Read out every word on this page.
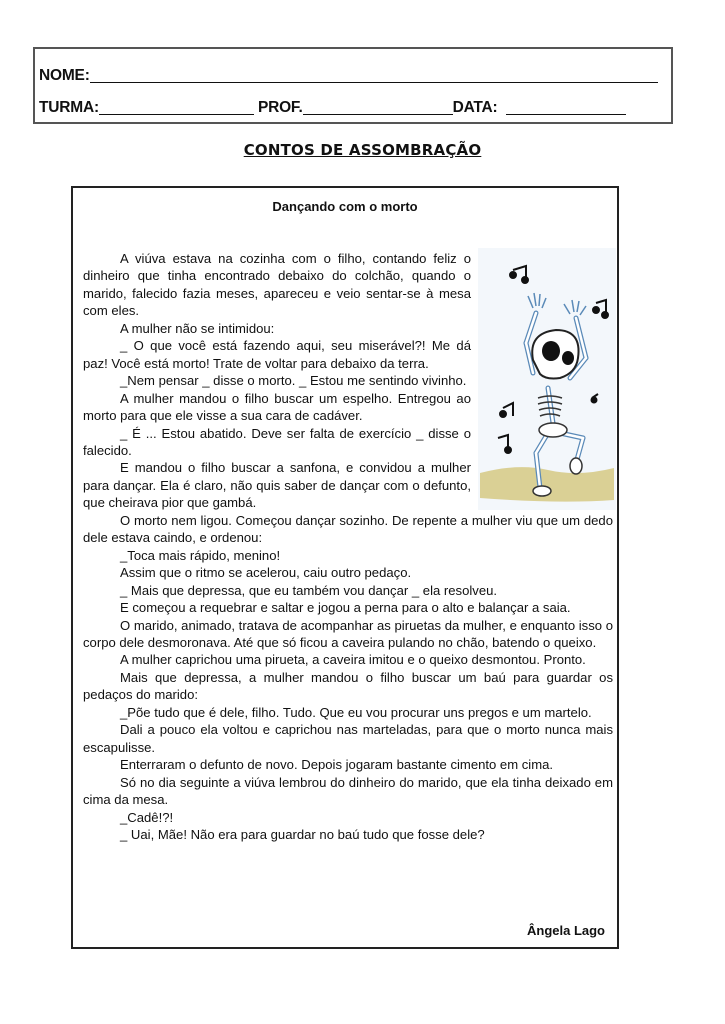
NOME:
TURMA:	PROF.	DATA:
CONTOS DE ASSOMBRAÇÃO
Dançando com o morto

A viúva estava na cozinha com o filho, contando feliz o dinheiro que tinha encontrado debaixo do colchão, quando o marido, falecido fazia meses, apareceu e veio sentar-se à mesa com eles.

A mulher não se intimidou:

_ O que você está fazendo aqui, seu miserável?! Me dá paz! Você está morto! Trate de voltar para debaixo da terra.

_Nem pensar _ disse o morto. _ Estou me sentindo vivinho.

A mulher mandou o filho buscar um espelho. Entregou ao morto para que ele visse a sua cara de cadáver.

_ É ... Estou abatido. Deve ser falta de exercício _ disse o falecido.

E mandou o filho buscar a sanfona, e convidou a mulher para dançar. Ela é claro, não quis saber de dançar com o defunto, que cheirava pior que gambá.

O morto nem ligou. Começou dançar sozinho. De repente a mulher viu que um dedo dele estava caindo, e ordenou:

_Toca mais rápido, menino!

Assim que o ritmo se acelerou, caiu outro pedaço.

_ Mais que depressa, que eu também vou dançar _ ela resolveu.

E começou a requebrar e saltar e jogou a perna para o alto e balançar a saia.

O marido, animado, tratava de acompanhar as piruetas da mulher, e enquanto isso o corpo dele desmoronava. Até que só ficou a caveira pulando no chão, batendo o queixo.

A mulher caprichou uma pirueta, a caveira imitou e o queixo desmontou. Pronto.

Mais que depressa, a mulher mandou o filho buscar um baú para guardar os pedaços do marido:

_Põe tudo que é dele, filho. Tudo. Que eu vou procurar uns pregos e um martelo.

Dali a pouco ela voltou e caprichou nas marteladas, para que o morto nunca mais escapulisse.

Enterraram o defunto de novo. Depois jogaram bastante cimento em cima.

Só no dia seguinte a viúva lembrou do dinheiro do marido, que ela tinha deixado em cima da mesa.

_Cadê!?!

_ Uai, Mãe! Não era para guardar no baú tudo que fosse dele?

Ângela Lago
